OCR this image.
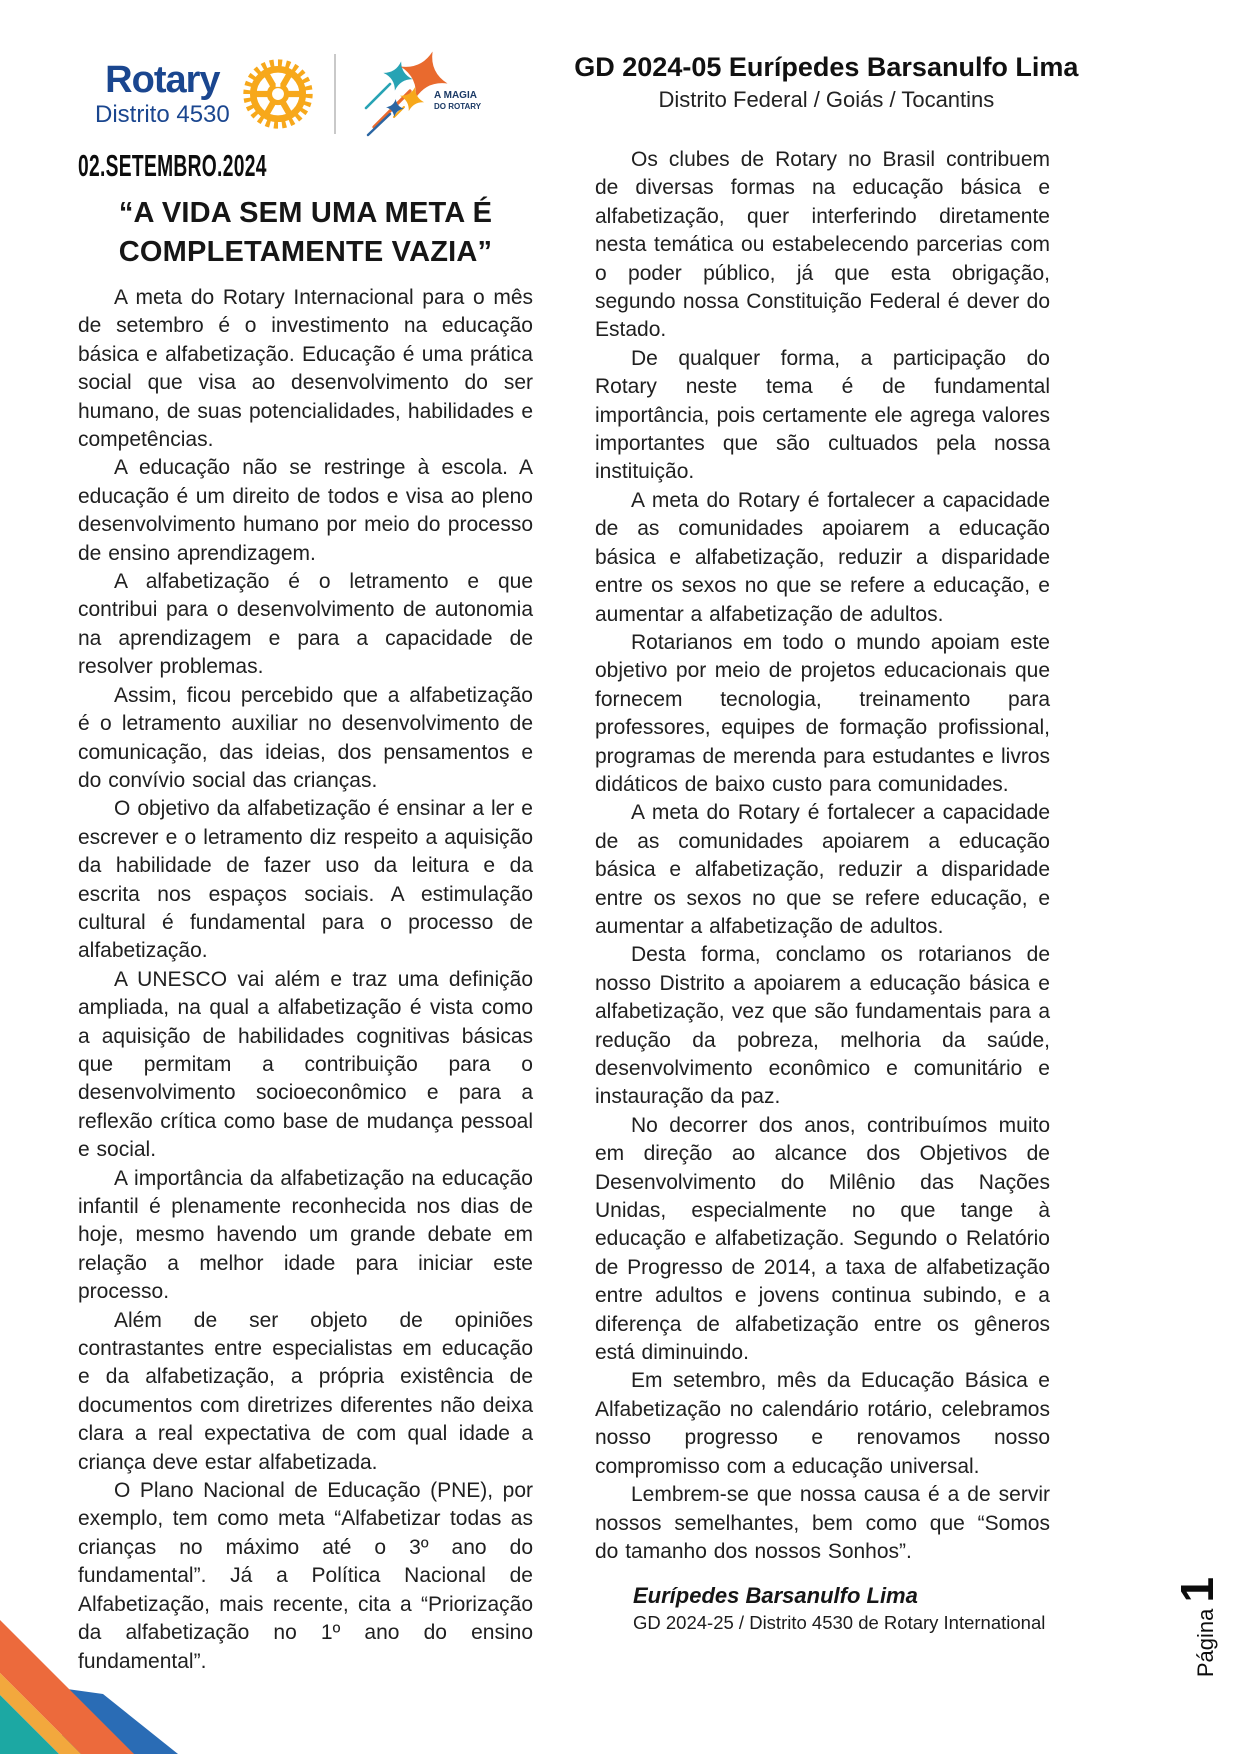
Rotary
Distrito 4530
A MAGIA
DO ROTARY
GD 2024-05 Eurípedes Barsanulfo Lima
Distrito Federal / Goiás / Tocantins
02.SETEMBRO.2024
“A VIDA SEM UMA META É
COMPLETAMENTE VAZIA”

A meta do Rotary Internacional para o mês de setembro é o investimento na educação básica e alfabetização. Educação é uma prática social que visa ao desenvolvimento do ser humano, de suas potencialidades, habilidades e competências.

A educação não se restringe à escola. A educação é um direito de todos e visa ao pleno desenvolvimento humano por meio do processo de ensino aprendizagem.

A alfabetização é o letramento e que contribui para o desenvolvimento de autonomia na aprendizagem e para a capacidade de resolver problemas.

Assim, ficou percebido que a alfabetização é o letramento auxiliar no desenvolvimento de comunicação, das ideias, dos pensamentos e do convívio social das crianças.

O objetivo da alfabetização é ensinar a ler e escrever e o letramento diz respeito a aquisição da habilidade de fazer uso da leitura e da escrita nos espaços sociais. A estimulação cultural é fundamental para o processo de alfabetização.

A UNESCO vai além e traz uma definição ampliada, na qual a alfabetização é vista como a aquisição de habilidades cognitivas básicas que permitam a contribuição para o desenvolvimento socioeconômico e para a reflexão crítica como base de mudança pessoal e social.

A importância da alfabetização na educação infantil é plenamente reconhecida nos dias de hoje, mesmo havendo um grande debate em relação a melhor idade para iniciar este processo.

Além de ser objeto de opiniões contrastantes entre especialistas em educação e da alfabetização, a própria existência de documentos com diretrizes diferentes não deixa clara a real expectativa de com qual idade a criança deve estar alfabetizada.

O Plano Nacional de Educação (PNE), por exemplo, tem como meta “Alfabetizar todas as crianças no máximo até o 3º ano do fundamental”. Já a Política Nacional de Alfabetização, mais recente, cita a “Priorização da alfabetização no 1º ano do ensino fundamental”.

Os clubes de Rotary no Brasil contribuem de diversas formas na educação básica e alfabetização, quer interferindo diretamente nesta temática ou estabelecendo parcerias com o poder público, já que esta obrigação, segundo nossa Constituição Federal é dever do Estado.

De qualquer forma, a participação do Rotary neste tema é de fundamental importância, pois certamente ele agrega valores importantes que são cultuados pela nossa instituição.

A meta do Rotary é fortalecer a capacidade de as comunidades apoiarem a educação básica e alfabetização, reduzir a disparidade entre os sexos no que se refere a educação, e aumentar a alfabetização de adultos.

Rotarianos em todo o mundo apoiam este objetivo por meio de projetos educacionais que fornecem tecnologia, treinamento para professores, equipes de formação profissional, programas de merenda para estudantes e livros didáticos de baixo custo para comunidades.

A meta do Rotary é fortalecer a capacidade de as comunidades apoiarem a educação básica e alfabetização, reduzir a disparidade entre os sexos no que se refere educação, e aumentar a alfabetização de adultos.

Desta forma, conclamo os rotarianos de nosso Distrito a apoiarem a educação básica e alfabetização, vez que são fundamentais para a redução da pobreza, melhoria da saúde, desenvolvimento econômico e comunitário e instauração da paz.

No decorrer dos anos, contribuímos muito em direção ao alcance dos Objetivos de Desenvolvimento do Milênio das Nações Unidas, especialmente no que tange à educação e alfabetização. Segundo o Relatório de Progresso de 2014, a taxa de alfabetização entre adultos e jovens continua subindo, e a diferença de alfabetização entre os gêneros está diminuindo.

Em setembro, mês da Educação Básica e Alfabetização no calendário rotário, celebramos nosso progresso e renovamos nosso compromisso com a educação universal.

Lembrem-se que nossa causa é a de servir nossos semelhantes, bem como que “Somos do tamanho dos nossos Sonhos”.

Eurípedes Barsanulfo Lima
GD 2024-25 / Distrito 4530 de Rotary International	Página 1
